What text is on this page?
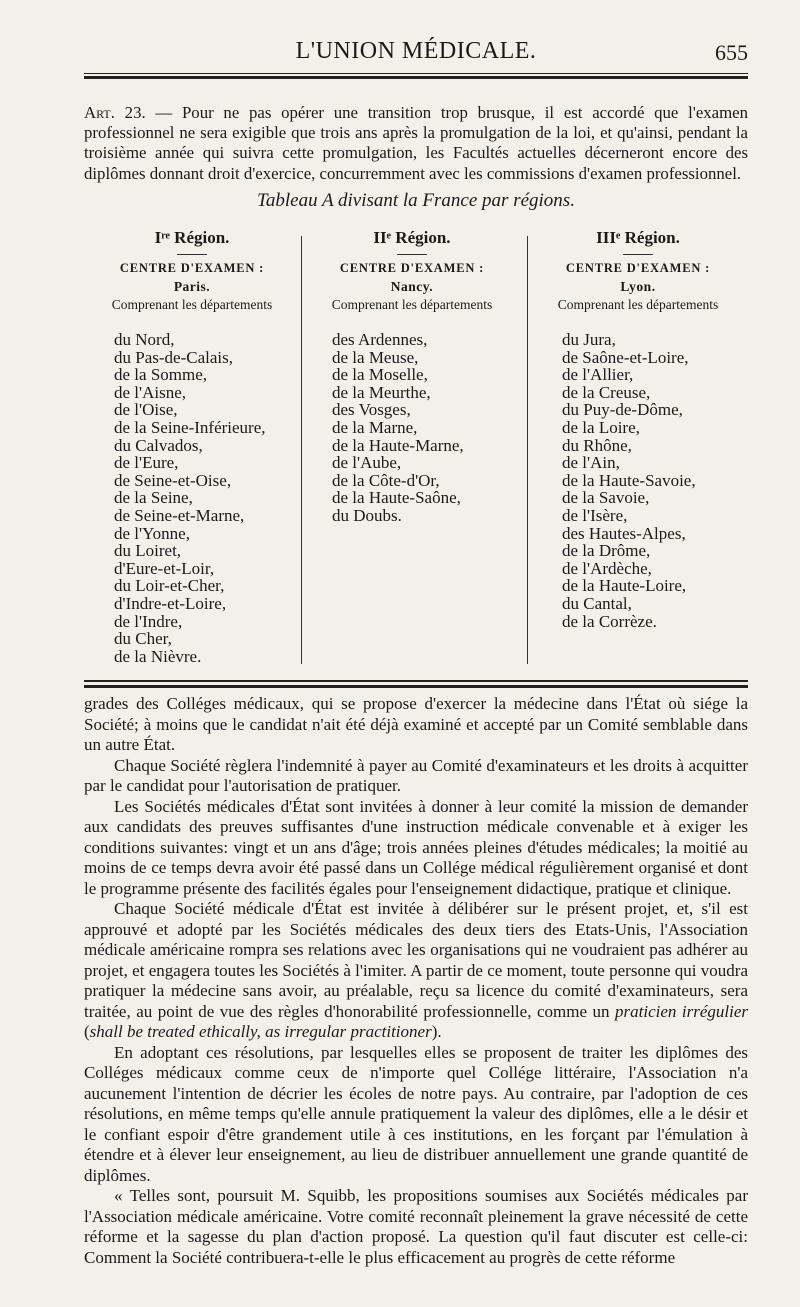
L'UNION MÉDICALE.	655

Art. 23. — Pour ne pas opérer une transition trop brusque, il est accordé que l'examen professionnel ne sera exigible que trois ans après la promulgation de la loi, et qu'ainsi, pendant la troisième année qui suivra cette promulgation, les Facultés actuelles décerneront encore des diplômes donnant droit d'exercice, concurremment avec les commissions d'examen professionnel.

Tableau A divisant la France par régions.
Iʳᵉ Région.
CENTRE D'EXAMEN :
Paris.
Comprenant les départements
du Nord,
du Pas-de-Calais,
de la Somme,
de l'Aisne,
de l'Oise,
de la Seine-Inférieure,
du Calvados,
de l'Eure,
de Seine-et-Oise,
de la Seine,
de Seine-et-Marne,
de l'Yonne,
du Loiret,
d'Eure-et-Loir,
du Loir-et-Cher,
d'Indre-et-Loire,
de l'Indre,
du Cher,
de la Nièvre.
IIᵉ Région.
CENTRE D'EXAMEN :
Nancy.
Comprenant les départements
des Ardennes,
de la Meuse,
de la Moselle,
de la Meurthe,
des Vosges,
de la Marne,
de la Haute-Marne,
de l'Aube,
de la Côte-d'Or,
de la Haute-Saône,
du Doubs.
IIIᵉ Région.
CENTRE D'EXAMEN :
Lyon.
Comprenant les départements
du Jura,
de Saône-et-Loire,
de l'Allier,
de la Creuse,
du Puy-de-Dôme,
de la Loire,
du Rhône,
de l'Ain,
de la Haute-Savoie,
de la Savoie,
de l'Isère,
des Hautes-Alpes,
de la Drôme,
de l'Ardèche,
de la Haute-Loire,
du Cantal,
de la Corrèze.

grades des Colléges médicaux, qui se propose d'exercer la médecine dans l'État où siége la Société; à moins que le candidat n'ait été déjà examiné et accepté par un Comité semblable dans un autre État.

Chaque Société règlera l'indemnité à payer au Comité d'examinateurs et les droits à acquitter par le candidat pour l'autorisation de pratiquer.

Les Sociétés médicales d'État sont invitées à donner à leur comité la mission de demander aux candidats des preuves suffisantes d'une instruction médicale convenable et à exiger les conditions suivantes: vingt et un ans d'âge; trois années pleines d'études médicales; la moitié au moins de ce temps devra avoir été passé dans un Collége médical régulièrement organisé et dont le programme présente des facilités égales pour l'enseignement didactique, pratique et clinique.

Chaque Société médicale d'État est invitée à délibérer sur le présent projet, et, s'il est approuvé et adopté par les Sociétés médicales des deux tiers des Etats-Unis, l'Association médicale américaine rompra ses relations avec les organisations qui ne voudraient pas adhérer au projet, et engagera toutes les Sociétés à l'imiter. A partir de ce moment, toute personne qui voudra pratiquer la médecine sans avoir, au préalable, reçu sa licence du comité d'examinateurs, sera traitée, au point de vue des règles d'honorabilité professionnelle, comme un praticien irrégulier (shall be treated ethically, as irregular practitioner).

En adoptant ces résolutions, par lesquelles elles se proposent de traiter les diplômes des Colléges médicaux comme ceux de n'importe quel Collége littéraire, l'Association n'a aucunement l'intention de décrier les écoles de notre pays. Au contraire, par l'adoption de ces résolutions, en même temps qu'elle annule pratiquement la valeur des diplômes, elle a le désir et le confiant espoir d'être grandement utile à ces institutions, en les forçant par l'émulation à étendre et à élever leur enseignement, au lieu de distribuer annuellement une grande quantité de diplômes.

« Telles sont, poursuit M. Squibb, les propositions soumises aux Sociétés médicales par l'Association médicale américaine. Votre comité reconnaît pleinement la grave nécessité de cette réforme et la sagesse du plan d'action proposé. La question qu'il faut discuter est celle-ci: Comment la Société contribuera-t-elle le plus efficacement au progrès de cette réforme
